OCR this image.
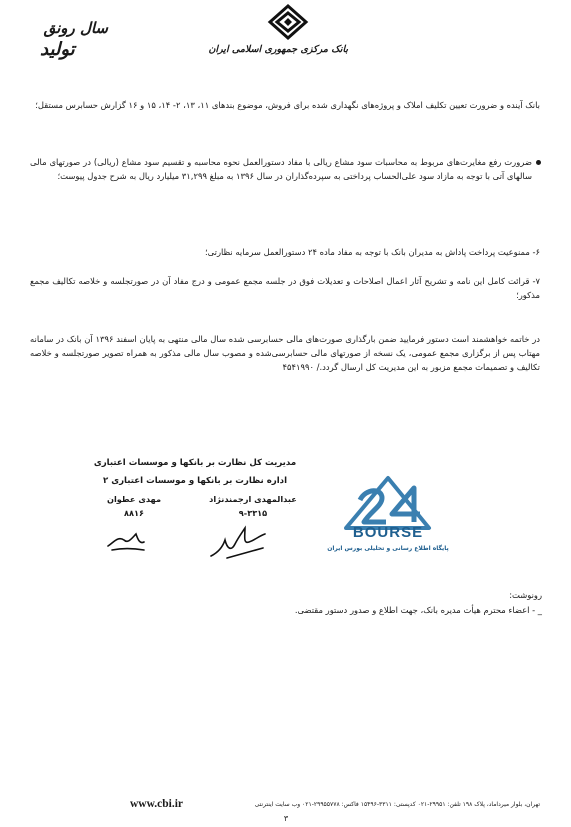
بانک مرکزی جمهوری اسلامی ایران
سال رونق
تولید
بانک آینده و ضرورت تعیین تکلیف املاک و پروژه‌های نگهداری شده برای فروش، موضوع بندهای ۱۱، ۱۳، ۲- ۱۴، ۱۵ و ۱۶ گزارش حسابرس مستقل؛
ضرورت رفع مغایرت‌های مربوط به محاسبات سود مشاع ریالی با مفاد دستورالعمل نحوه محاسبه و تقسیم سود مشاع (ریالی) در صورتهای مالی سالهای آتی با توجه به مازاد سود علی‌الحساب پرداختی به سپرده‌گذاران در سال ۱۳۹۶ به مبلغ ۳۱,۲۹۹ میلیارد ریال به شرح جدول پیوست؛
۶- ممنوعیت پرداخت پاداش به مدیران بانک با توجه به مفاد ماده ۲۴ دستورالعمل سرمایه نظارتی؛
۷- قرائت کامل این نامه و تشریح آثار اعمال اصلاحات و تعدیلات فوق در جلسه مجمع عمومی و درج مفاد آن در صورتجلسه و خلاصه تکالیف مجمع مذکور؛
در خاتمه خواهشمند است دستور فرمایید ضمن بارگذاری صورت‌های مالی حسابرسی شده سال مالی منتهی به پایان اسفند ۱۳۹۶ آن بانک در سامانه مهتاب پس از برگزاری مجمع عمومی، یک نسخه از صورتهای مالی حسابرسی‌شده و مصوب سال مالی مذکور به همراه تصویر صورتجلسه و خلاصه تکالیف و تصمیمات مجمع مزبور به این مدیریت کل ارسال گردد./ ۴۵۴۱۹۹۰
مدیریت کل نظارت بر بانکها و موسسات اعتباری
اداره نظارت بر بانکها و موسسات اعتباری ۲
عبدالمهدی ارجمندنژاد
۹-۳۳۱۵
مهدی عطوان
۸۸۱۶
BOURSE
پایگاه اطلاع رسانی و تحلیلی بورس ایران
رونوشت:
_ - اعضاء محترم هیأت مدیره بانک، جهت اطلاع و صدور دستور مقتضی.
www.cbi.ir	تهران، بلوار میرداماد، پلاک ۱۹۸ تلفن: ۲۹۹۵۱-۰۲۱ کدپستی: ۳۳۱۱-۱۵۴۹۶ فاکس: ۲۹۹۵۵۷۷۸-۰۲۱ وب سایت اینترنتی
۳
